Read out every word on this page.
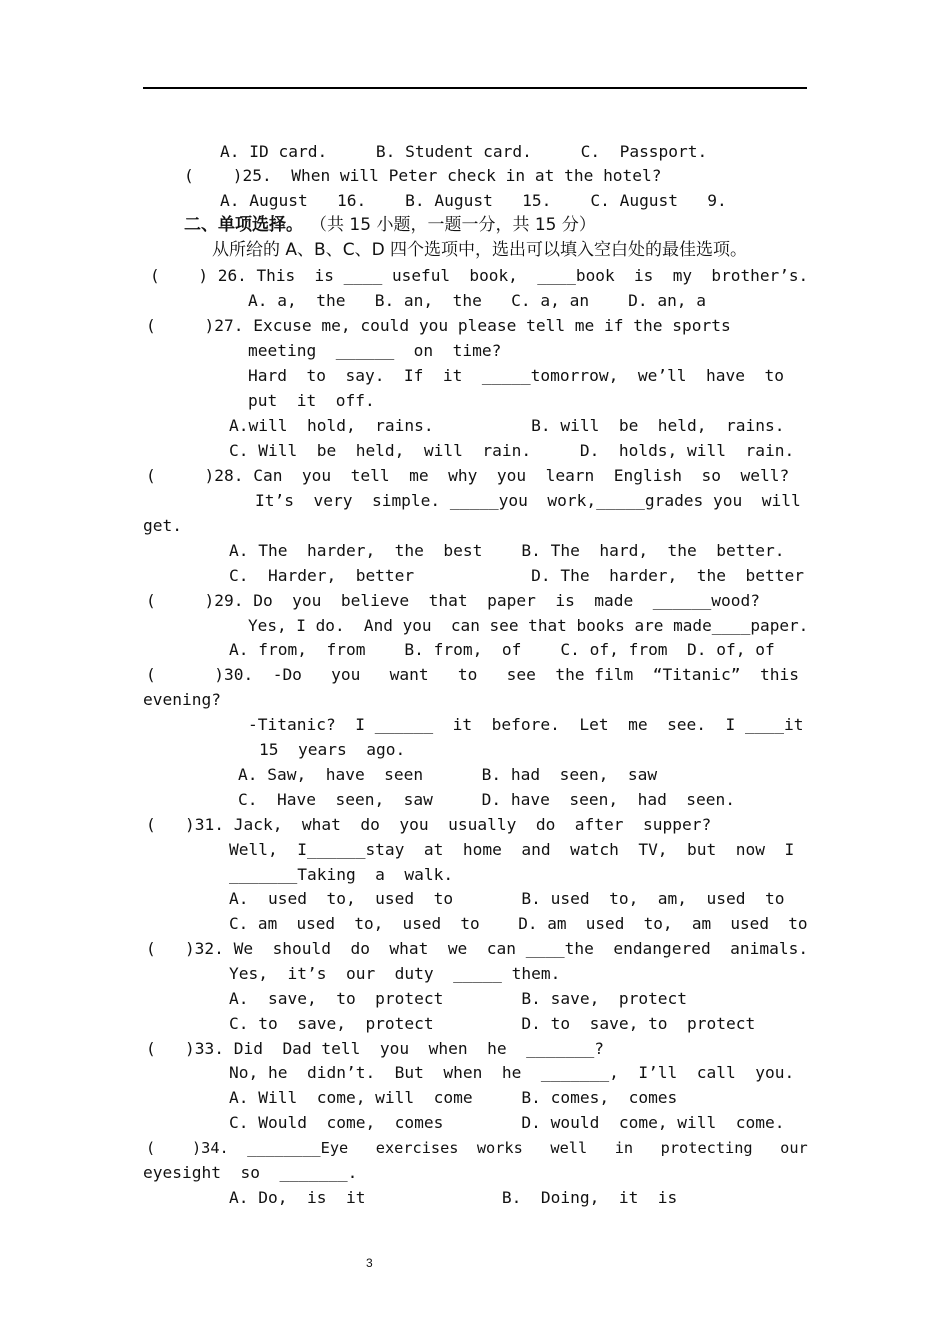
A. ID card.     B. Student card.     C.  Passport.
(    )25.  When will Peter check in at the hotel?
A. August   16.    B. August   15.    C. August   9.
二、单项选择。 （共 15 小题，一题一分，共 15 分）
从所给的 A、B、C、D 四个选项中，选出可以填入空白处的最佳选项。
(    ) 26. This  is ____ useful  book,  ____book  is  my  brother’s.
A. a,  the   B. an,  the   C. a, an    D. an, a
(     )27. Excuse me, could you please tell me if the sports
meeting  ______  on  time?
Hard  to  say.  If  it  _____tomorrow,  we’ll  have  to
put  it  off.
A.will  hold,  rains.          B. will  be  held,  rains.
C. Will  be  held,  will  rain.     D.  holds, will  rain.
(     )28. Can  you  tell  me  why  you  learn  English  so  well?
It’s  very  simple. _____you  work,_____grades you  will
get.
A. The  harder,  the  best    B. The  hard,  the  better.
C.  Harder,  better            D. The  harder,  the  better
(     )29. Do  you  believe  that  paper  is  made  ______wood?
Yes, I do.  And you  can see that books are made____paper.
A. from,  from    B. from,  of    C. of, from  D. of, of
(      )30.  -Do   you   want   to   see  the film  “Titanic”  this
evening?
-Titanic?  I ______  it  before.  Let  me  see.  I ____it
15  years  ago.
A. Saw,  have  seen      B. had  seen,  saw
C.  Have  seen,  saw     D. have  seen,  had  seen.
(   )31. Jack,  what  do  you  usually  do  after  supper?
Well,  I______stay  at  home  and  watch  TV,  but  now  I
_______Taking  a  walk.
A.  used  to,  used  to       B. used  to,  am,  used  to
C. am  used  to,  used  to    D. am  used  to,  am  used  to
(   )32. We  should  do  what  we  can ____the  endangered  animals.
Yes,  it’s  our  duty  _____ them.
A.  save,  to  protect        B. save,  protect
C. to  save,  protect         D. to  save, to  protect
(   )33. Did  Dad tell  you  when  he  _______?
No, he  didn’t.  But  when  he  _______,  I’ll  call  you.
A. Will  come, will  come     B. comes,  comes
C. Would  come,  comes        D. would  come, will  come.
(    )34.  ________Eye   exercises  works   well   in   protecting   our
eyesight  so  _______.
A. Do,  is  it              B.  Doing,  it  is
3
